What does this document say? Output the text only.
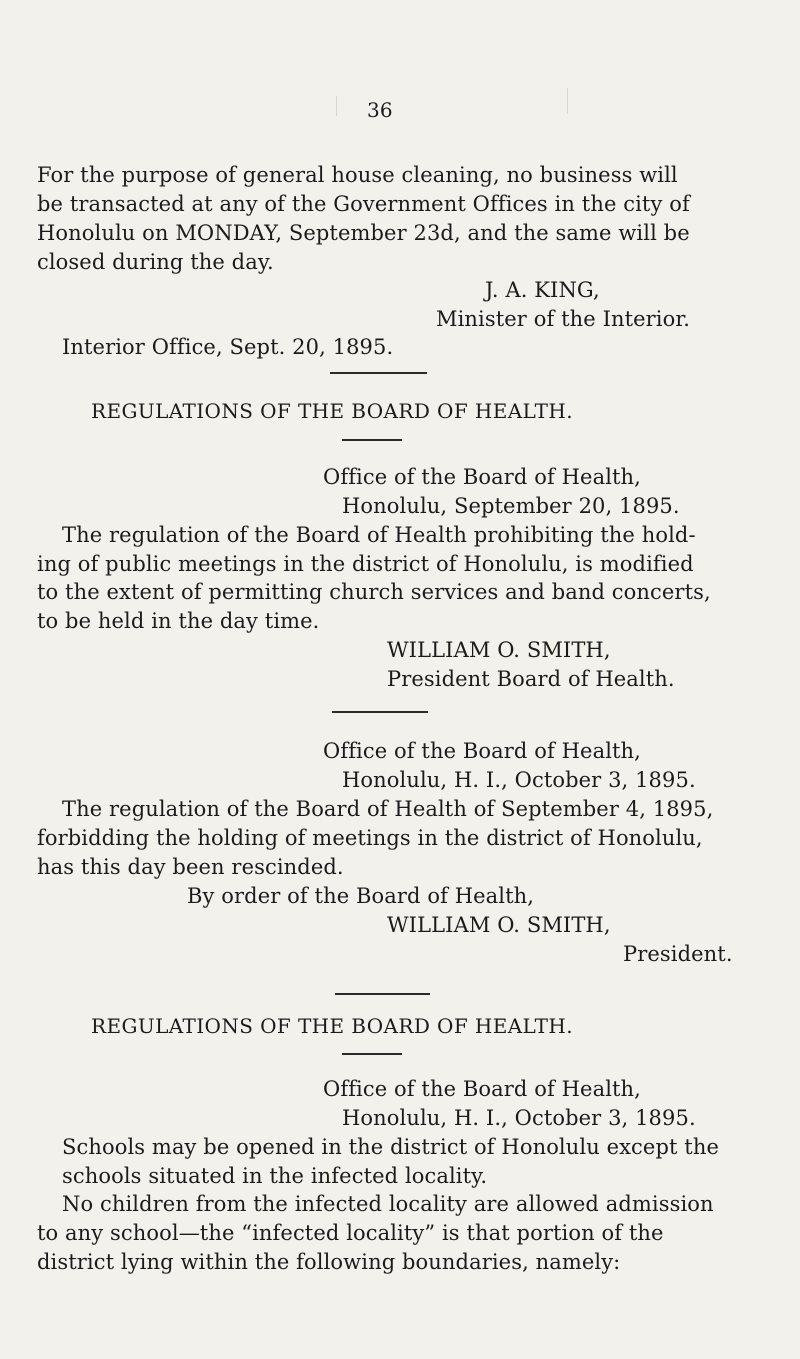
36
For the purpose of general house cleaning, no business will
be transacted at any of the Government Offices in the city of
Honolulu on MONDAY, September 23d, and the same will be
closed during the day.
J. A. KING,
Minister of the Interior.
Interior Office, Sept. 20, 1895.
REGULATIONS OF THE BOARD OF HEALTH.
Office of the Board of Health,
Honolulu, September 20, 1895.
The regulation of the Board of Health prohibiting the hold-
ing of public meetings in the district of Honolulu, is modified
to the extent of permitting church services and band concerts,
to be held in the day time.
WILLIAM O. SMITH,
President Board of Health.
Office of the Board of Health,
Honolulu, H. I., October 3, 1895.
The regulation of the Board of Health of September 4, 1895,
forbidding the holding of meetings in the district of Honolulu,
has this day been rescinded.
By order of the Board of Health,
WILLIAM O. SMITH,
President.
REGULATIONS OF THE BOARD OF HEALTH.
Office of the Board of Health,
Honolulu, H. I., October 3, 1895.
Schools may be opened in the district of Honolulu except the
schools situated in the infected locality.
No children from the infected locality are allowed admission
to any school—the “infected locality” is that portion of the
district lying within the following boundaries, namely:
